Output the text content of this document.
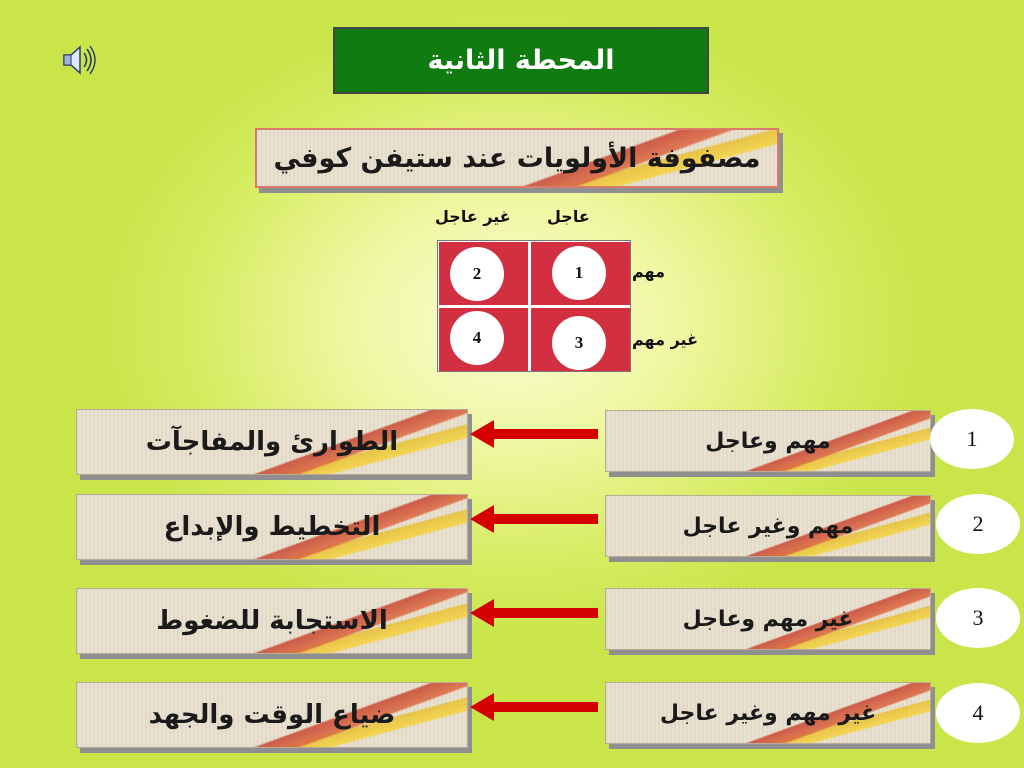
المحطة الثانية
مصفوفة الأولويات عند ستيفن كوفي
عاجل
غير عاجل
مهم
غير مهم
2	1
4	3
الطوارئ والمفاجآت	مهم وعاجل	1
التخطيط والإبداع	مهم وغير عاجل	2
الاستجابة للضغوط	غير مهم وعاجل	3
ضياع الوقت والجهد	غير مهم وغير عاجل	4
